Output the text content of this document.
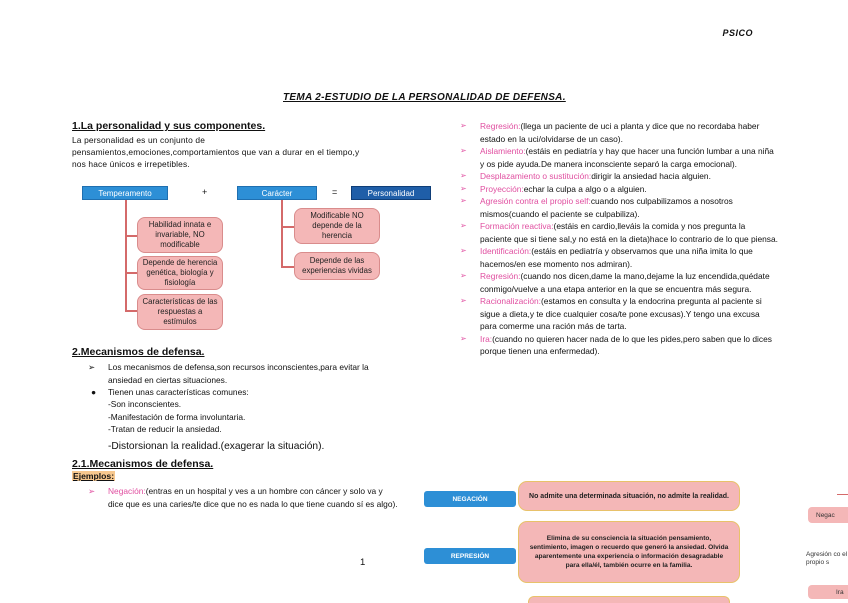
PSICO
TEMA 2-ESTUDIO DE LA PERSONALIDAD DE DEFENSA.
1.La personalidad y sus componentes.
La personalidad es un conjunto de
pensamientos,emociones,comportamientos que van a durar en el tiempo,y
nos hace únicos e irrepetibles.
Temperamento	+	Carácter	=	Personalidad
Habilidad innata e invariable, NO modificable
Depende de herencia genética, biología y fisiología
Características de las respuestas a estímulos
Modificable NO depende de la herencia
Depende de las experiencias vividas
2.Mecanismos de defensa.
➢ Los mecanismos de defensa,son recursos inconscientes,para evitar la ansiedad en ciertas situaciones.
● Tienen unas características comunes:
-Son inconscientes.
-Manifestación de forma involuntaria.
-Tratan de reducir la ansiedad.
-Distorsionan la realidad.(exagerar la situación).
2.1.Mecanismos de defensa.
Ejemplos:
➢ Negación:(entras en un hospital y ves a un hombre con cáncer y solo va y dice que es una caries/te dice que no es nada lo que tiene cuando sí es algo).
1
➢ Regresión:(llega un paciente de uci a planta y dice que no recordaba haber estado en la uci/olvidarse de un caso).
➢ Aislamiento:(estáis en pediatría y hay que hacer una función lumbar a una niña y os pide ayuda.De manera inconsciente separó la carga emocional).
➢ Desplazamiento o sustitución:dirigir la ansiedad hacia alguien.
➢ Proyección:echar la culpa a algo o a alguien.
➢ Agresión contra el propio self:cuando nos culpabilizamos a nosotros mismos(cuando el paciente se culpabiliza).
➢ Formación reactiva:(estáis en cardio,lleváis la comida y nos pregunta la paciente que si tiene sal,y no está en la dieta)hace lo contrario de lo que piensa.
➢ Identificación:(estáis en pediatría y observamos que una niña imita lo que hacemos/en ese momento nos admiran).
➢ Regresión:(cuando nos dicen,dame la mano,dejame la luz encendida,quédate conmigo/vuelve a una etapa anterior en la que se encuentra más segura.
➢ Racionalización:(estamos en consulta y la endocrina pregunta al paciente si sigue a dieta,y te dice cualquier cosa/te pone excusas).Y tengo una excusa para comerme una ración más de tarta.
➢ Ira:(cuando no quieren hacer nada de lo que les pides,pero saben que lo dices porque tienen una enfermedad).
NEGACIÓN	No admite una determinada situación, no admite la realidad.
REPRESIÓN
Elimina de su consciencia la situación pensamiento, sentimiento, imagen o recuerdo que generó la ansiedad. Olvida aparentemente una experiencia o información desagradable para ella/él, también ocurre en la familia.
Negac
Agresión co el propio s
Ira
